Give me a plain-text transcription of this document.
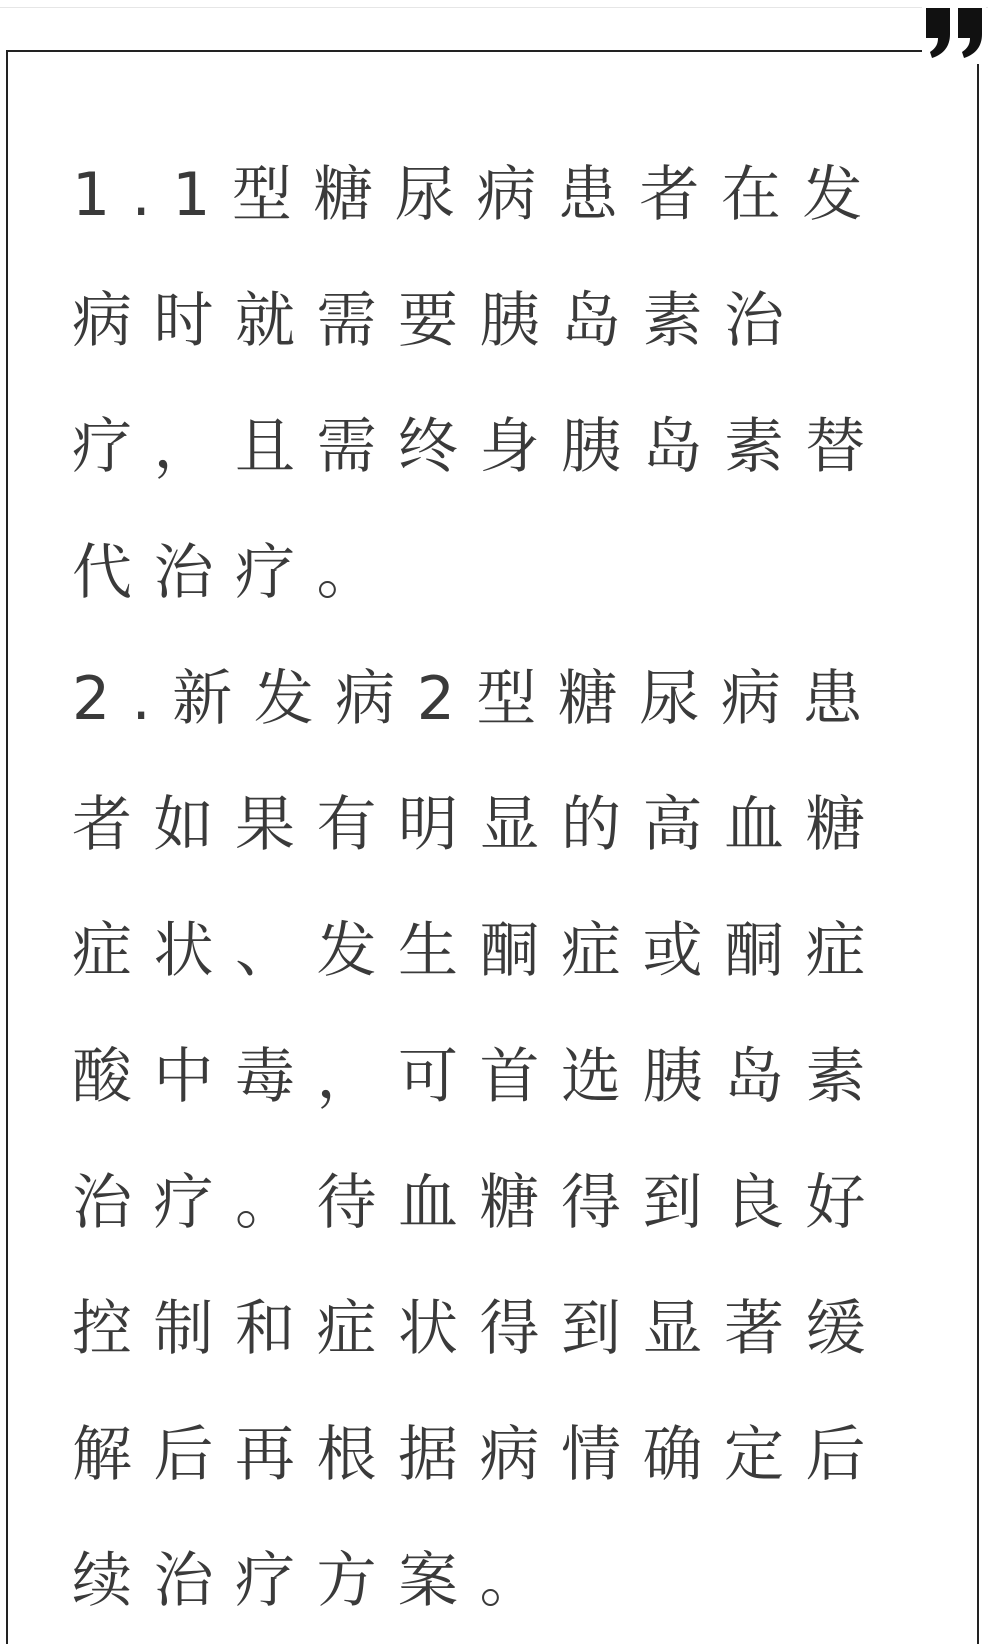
1.1型糖尿病患者在发病时就需要胰岛素治疗，且需终身胰岛素替代治疗。

2.新发病2型糖尿病患者如果有明显的高血糖症状、发生酮症或酮症酸中毒，可首选胰岛素治疗。待血糖得到良好控制和症状得到显著缓解后再根据病情确定后续治疗方案。
